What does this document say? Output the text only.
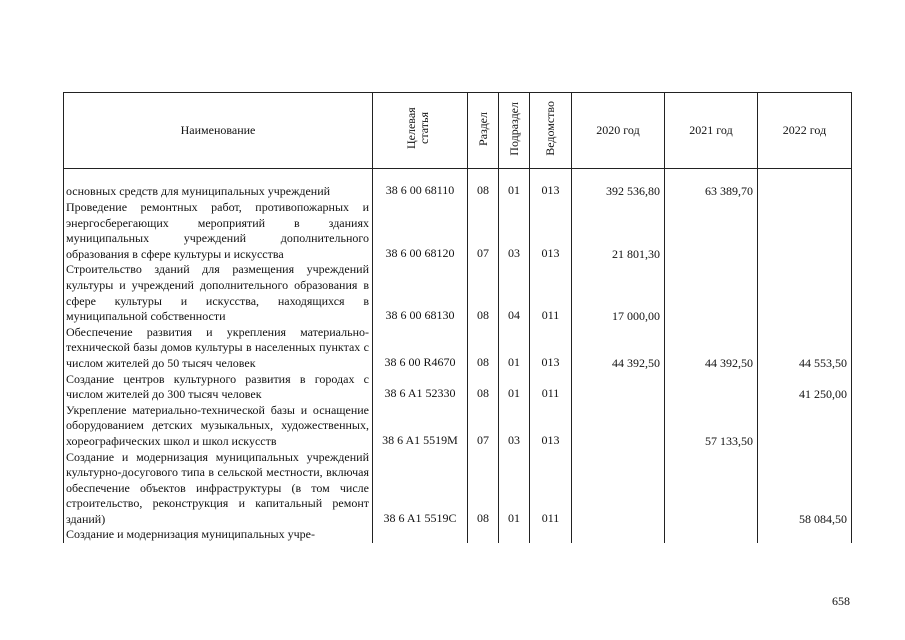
Наименование	Целевая статья	Раздел	Подраздел	Ведомство	2020 год	2021 год	2022 год
основных средств для муниципальных учреждений	38 6 00 68110	08	01	013	392 536,80	63 389,70	
Проведение ремонтных работ, противопожарных и энергосберегающих мероприятий в зданиях муниципальных учреждений дополнительного образования в сфере культуры и искусства	38 6 00 68120	07	03	013	21 801,30		
Строительство зданий для размещения учреждений культуры и учреждений дополнительного образования в сфере культуры и искусства, находящихся в муниципальной собственности	38 6 00 68130	08	04	011	17 000,00		
Обеспечение развития и укрепления материально-технической базы домов культуры в населенных пунктах с числом жителей до 50 тысяч человек	38 6 00 R4670	08	01	013	44 392,50	44 392,50	44 553,50
Создание центров культурного развития в городах с числом жителей до 300 тысяч человек	38 6 A1 52330	08	01	011			41 250,00
Укрепление материально-технической базы и оснащение оборудованием детских музыкальных, художественных, хореографических школ и школ искусств	38 6 A1 5519M	07	03	013		57 133,50	
Создание и модернизация муниципальных учреждений культурно-досугового типа в сельской местности, включая обеспечение объектов инфраструктуры (в том числе строительство, реконструкция и капитальный ремонт зданий)	38 6 A1 5519C	08	01	011			58 084,50
Создание и модернизация муниципальных учре-							
658
